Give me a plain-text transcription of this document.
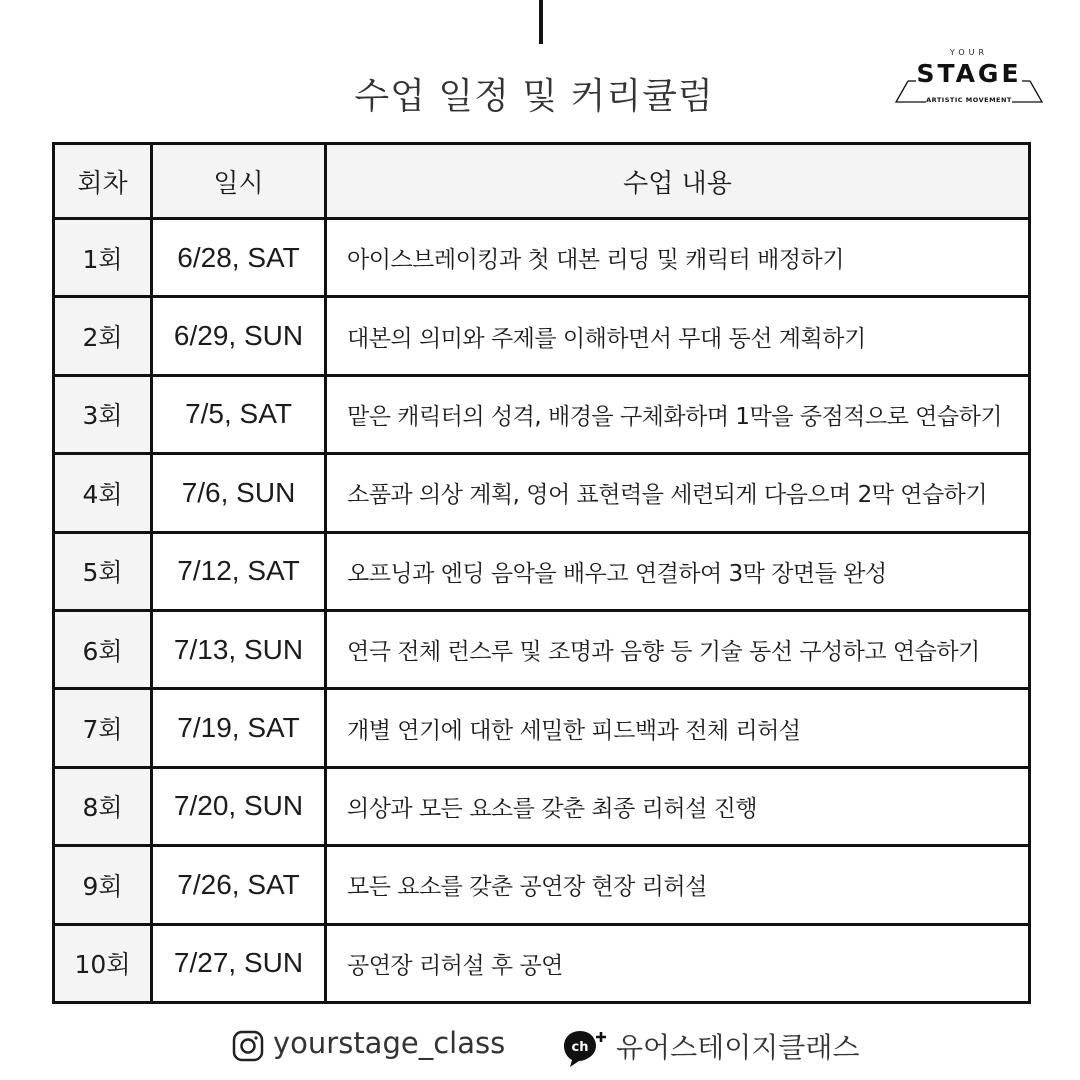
수업 일정 및 커리큘럼
YOUR
STAGE
ARTISTIC MOVEMENT
회차	일시	수업 내용
1회	6/28, SAT	아이스브레이킹과 첫 대본 리딩 및 캐릭터 배정하기
2회	6/29, SUN	대본의 의미와 주제를 이해하면서 무대 동선 계획하기
3회	7/5, SAT	맡은 캐릭터의 성격, 배경을 구체화하며 1막을 중점적으로 연습하기
4회	7/6, SUN	소품과 의상 계획, 영어 표현력을 세련되게 다음으며 2막 연습하기
5회	7/12, SAT	오프닝과 엔딩 음악을 배우고 연결하여 3막 장면들 완성
6회	7/13, SUN	연극 전체 런스루 및 조명과 음향 등 기술 동선 구성하고 연습하기
7회	7/19, SAT	개별 연기에 대한 세밀한 피드백과 전체 리허설
8회	7/20, SUN	의상과 모든 요소를 갖춘 최종 리허설 진행
9회	7/26, SAT	모든 요소를 갖춘 공연장 현장 리허설
10회	7/27, SUN	공연장 리허설 후 공연
yourstage_class	ch 유어스테이지클래스
